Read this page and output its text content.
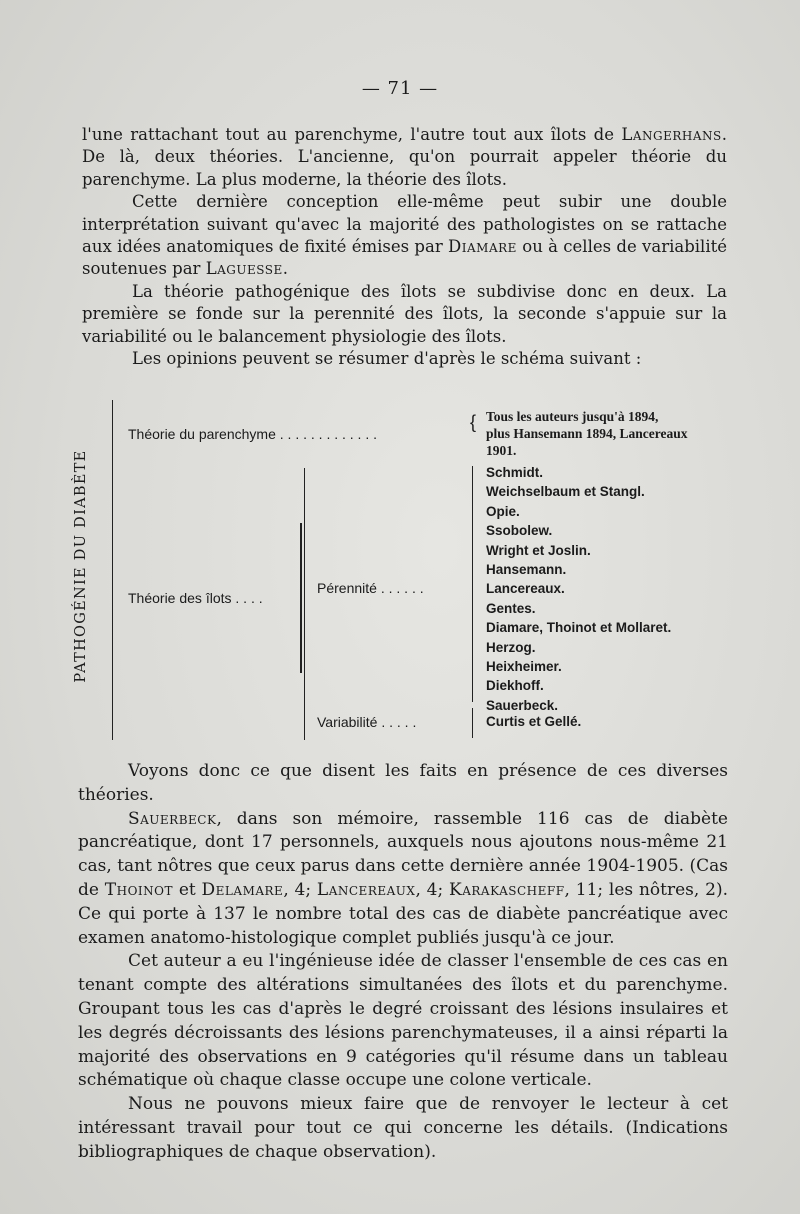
— 71 —

l'une rattachant tout au parenchyme, l'autre tout aux îlots de Langerhans. De là, deux théories. L'ancienne, qu'on pourrait appeler théorie du parenchyme. La plus moderne, la théorie des îlots.

Cette dernière conception elle-même peut subir une double interprétation suivant qu'avec la majorité des pathologistes on se rattache aux idées anatomiques de fixité émises par Diamare ou à celles de variabilité soutenues par Laguesse.

La théorie pathogénique des îlots se subdivise donc en deux. La première se fonde sur la perennité des îlots, la seconde s'appuie sur la variabilité ou le balancement physiologie des îlots.

Les opinions peuvent se résumer d'après le schéma suivant :

PATHOGÉNIE DU DIABÈTE
Théorie du parenchyme . . . . . . . . . . . . .
{ Tous les auteurs jusqu'à 1894,
plus Hansemann 1894, Lancereaux
1901.
Théorie des îlots . . . .
Pérennité . . . . . .
Schmidt.
Weichselbaum et Stangl.
Opie.
Ssobolew.
Wright et Joslin.
Hansemann.
Lancereaux.
Gentes.
Diamare, Thoinot et Mollaret.
Herzog.
Heixheimer.
Diekhoff.
Sauerbeck.
Variabilité . . . . .	Curtis et Gellé.

Voyons donc ce que disent les faits en présence de ces diverses théories.

Sauerbeck, dans son mémoire, rassemble 116 cas de diabète pancréatique, dont 17 personnels, auxquels nous ajoutons nous-même 21 cas, tant nôtres que ceux parus dans cette dernière année 1904-1905. (Cas de Thoinot et Delamare, 4; Lancereaux, 4; Karakascheff, 11; les nôtres, 2). Ce qui porte à 137 le nombre total des cas de diabète pancréatique avec examen anatomo-histologique complet publiés jusqu'à ce jour.

Cet auteur a eu l'ingénieuse idée de classer l'ensemble de ces cas en tenant compte des altérations simultanées des îlots et du parenchyme. Groupant tous les cas d'après le degré croissant des lésions insulaires et les degrés décroissants des lésions parenchymateuses, il a ainsi réparti la majorité des observations en 9 catégories qu'il résume dans un tableau schématique où chaque classe occupe une colone verticale.

Nous ne pouvons mieux faire que de renvoyer le lecteur à cet intéressant travail pour tout ce qui concerne les détails. (Indications bibliographiques de chaque observation).
